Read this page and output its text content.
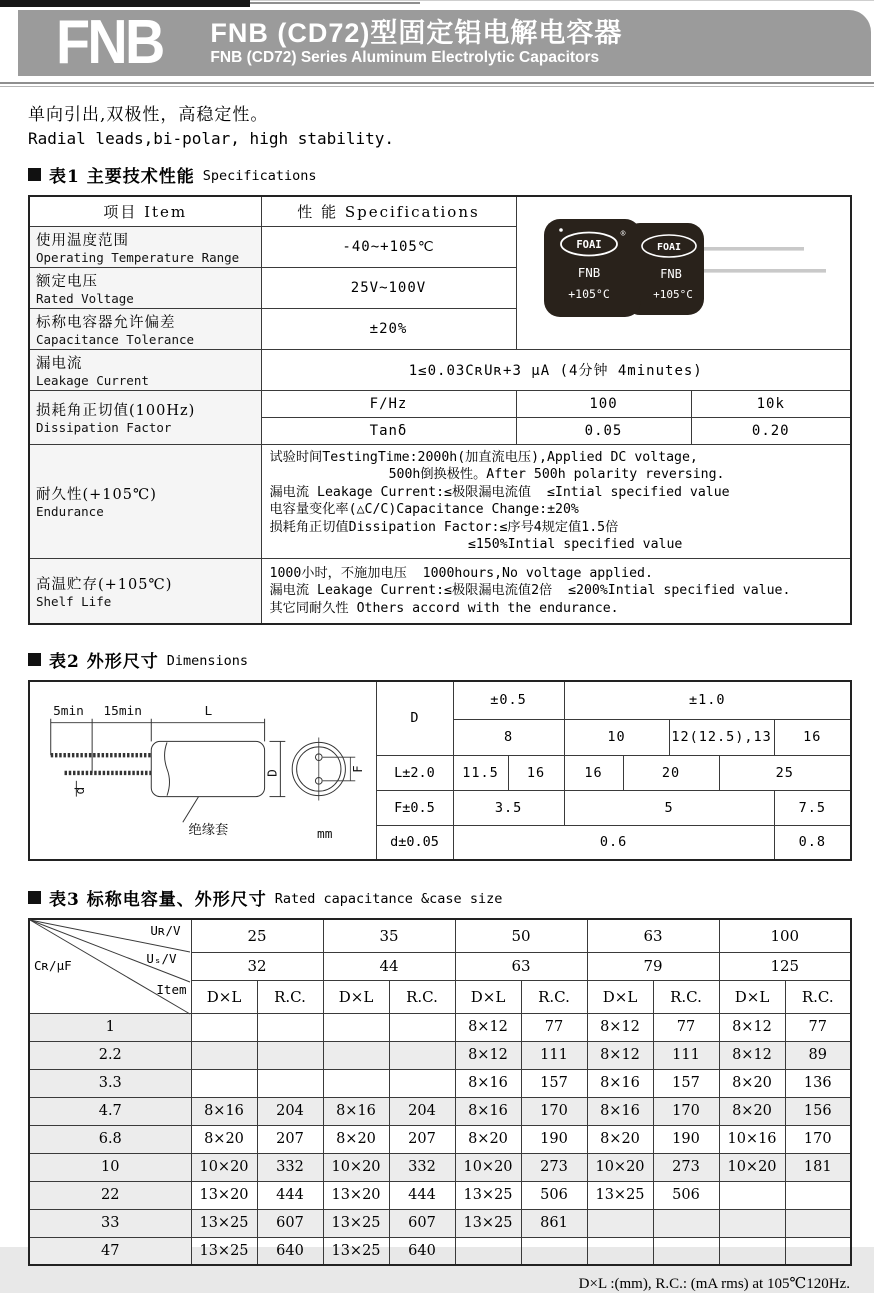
FNB FNB (CD72)型固定铝电解电容器
FNB (CD72) Series Aluminum Electrolytic Capacitors
单向引出,双极性，高稳定性。
Radial leads,bi-polar, high stability.
表1 主要技术性能 Specifications
项目 Item	性 能 Specifications	
FOAI
FNB
+105°C
FOAI
®
FNB
+105°C

使用温度范围
Operating Temperature Range	-40~+105℃		

额定电压
Rated Voltage	25V~100V		

标称电容器允许偏差
Capacitance Tolerance	±20%		

漏电流
Leakage Current	1≤0.03CʀUʀ+3 μA (4分钟 4minutes)		

损耗角正切值(100Hz)
Dissipation Factor	F/Hz	100	10k
	Tanδ	0.05	0.20

耐久性(+105℃)
Endurance

试验时间TestingTime:2000h(加直流电压),Applied DC voltage,
500h倒换极性。After 500h polarity reversing.
漏电流 Leakage Current:≤极限漏电流值  ≤Intial specified value
电容量变化率(△C/C)Capacitance Change:±20%
损耗角正切值Dissipation Factor:≤序号4规定值1.5倍
≤150%Intial specified value

高温贮存(+105℃)
Shelf Life

1000小时，不施加电压  1000hours,No voltage applied.
漏电流 Leakage Current:≤极限漏电流值2倍  ≤200%Intial specified value.
其它同耐久性 Others accord with the endurance.
表2 外形尺寸 Dimensions
5min 15min	L
D
d
绝缘套
F
mm
	D	±0.5	±1.0
		8		10		12(12.5),13		16
	L±2.0	11.5	16	16	20		25	
	F±0.5	3.5		5				7.5
	d±0.05	0.6						0.8
表3 标称电容量、外形尺寸 Rated capacitance &case size
Uʀ/V
Uₛ/V
Item
Cʀ/μF	25		35		50		63		100	
	32		44		63		79		125	
	D×L	R.C.	D×L	R.C.	D×L	R.C.	D×L	R.C.	D×L	R.C.
1					8×12	77	8×12	77	8×12	77
2.2					8×12	111	8×12	111	8×12	89
3.3					8×16	157	8×16	157	8×20	136
4.7	8×16	204	8×16	204	8×16	170	8×16	170	8×20	156
6.8	8×20	207	8×20	207	8×20	190	8×20	190	10×16	170
10	10×20	332	10×20	332	10×20	273	10×20	273	10×20	181
22	13×20	444	13×20	444	13×25	506	13×25	506		
33	13×25	607	13×25	607	13×25	861				
47	13×25	640	13×25	640						
D×L :(mm), R.C.: (mA rms) at 105℃120Hz.
